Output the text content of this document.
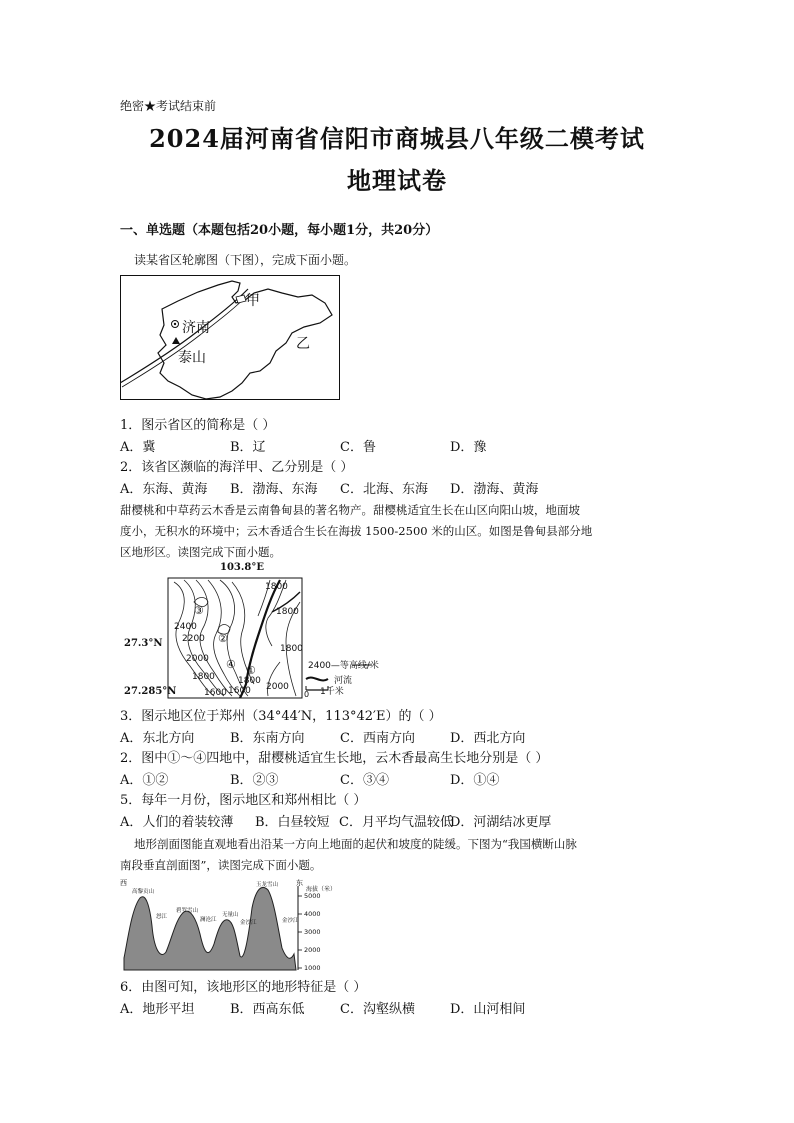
绝密★考试结束前
2024届河南省信阳市商城县八年级二模考试
地理试卷
一、单选题（本题包括20小题，每小题1分，共20分）
读某省区轮廓图（下图），完成下面小题。
济南
泰山
甲
乙
1．图示省区的简称是（ ）
A．冀	B．辽	C．鲁	D．豫
2．该省区濒临的海洋甲、乙分别是（ ）
A．东海、黄海 B．渤海、东海 C．北海、东海 D．渤海、黄海
甜樱桃和中草药云木香是云南鲁甸县的著名物产。甜樱桃适宜生长在山区向阳山坡，地面坡
度小，无积水的环境中；云木香适合生长在海拔 1500-2500 米的山区。如图是鲁甸县部分地
区地形区。读图完成下面小题。
103.8°E
27.3°N
27.285°N
1800
1800
1800
2400
2200
2000
1800
1600 1600
1800
2000
③
②
④ ①	2400—等高线/米
河流
0 1千米
3．图示地区位于郑州（34°44′N，113°42′E）的（ ）
A．东北方向	B．东南方向	C．西南方向	D．西北方向
2．图中①～④四地中，甜樱桃适宜生长地，云木香最高生长地分别是（ ）
A．①②	B．②③	C．③④	D．①④
5．每年一月份，图示地区和郑州相比（ ）
A．人们的着装较薄 B．白昼较短 C．月平均气温较低
D．河湖结冰更厚
地形剖面图能直观地看出沿某一方向上地面的起伏和坡度的陡缓。下图为“我国横断山脉
南段垂直剖面图”，读图完成下面小题。
西	东
海拔（米）
5000
4000
3000
2000
1000
高黎贡山
怒江
碧罗雪山
澜沧江
无量山
金沙江
玉龙雪山
金沙江
6．由图可知，该地形区的地形特征是（ ）
A．地形平坦	B．西高东低	C．沟壑纵横	D．山河相间
